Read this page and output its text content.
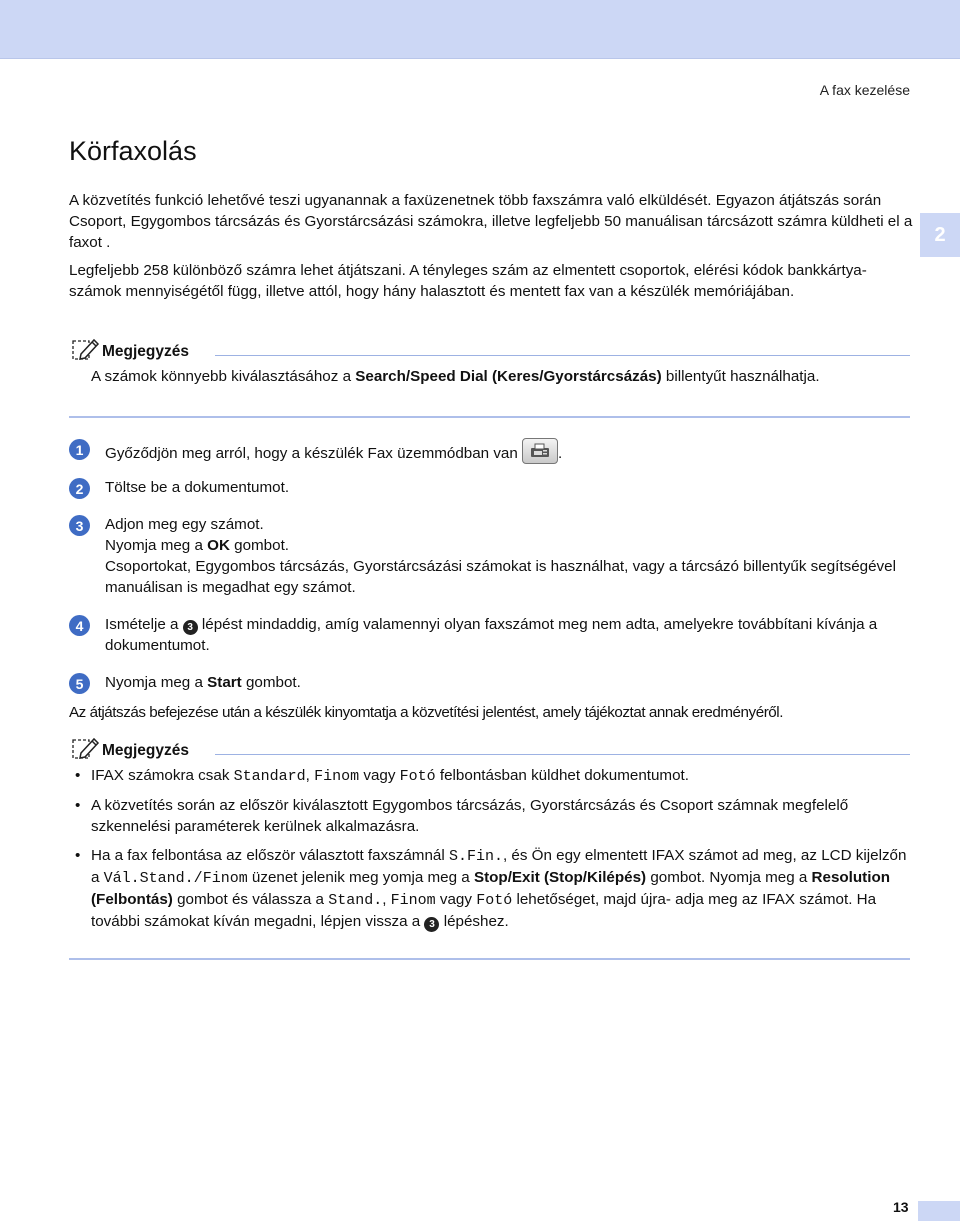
A fax kezelése
2
Körfaxolás

A közvetítés funkció lehetővé teszi ugyanannak a faxüzenetnek több faxszámra való elküldését. Egyazon átjátszás során Csoport, Egygombos tárcsázás és Gyorstárcsázási számokra, illetve legfeljebb 50 manuálisan tárcsázott számra küldheti el a faxot .

Legfeljebb 258 különböző számra lehet átjátszani. A tényleges szám az elmentett csoportok, elérési kódok bankkártya-számok mennyiségétől függ, illetve attól, hogy hány halasztott és mentett fax van a készülék memóriájában.

Megjegyzés

A számok könnyebb kiválasztásához a Search/Speed Dial (Keres/Gyorstárcsázás) billentyűt használhatja.

1	Győződjön meg arról, hogy a készülék Fax üzemmódban van
.
2	Töltse be a dokumentumot.
3	Adjon meg egy számot.
Nyomja meg a OK gombot.
Csoportokat, Egygombos tárcsázás, Gyorstárcsázási számokat is használhat, vagy a tárcsázó billentyűk segítségével manuálisan is megadhat egy számot.
4	Ismételje a 3 lépést mindaddig, amíg valamennyi olyan faxszámot meg nem adta, amelyekre továbbítani kívánja a dokumentumot.
5	Nyomja meg a Start gombot.

Az átjátszás befejezése után a készülék kinyomtatja a közvetítési jelentést, amely tájékoztat annak eredményéről.

Megjegyzés
• IFAX számokra csak Standard, Finom vagy Fotó felbontásban küldhet dokumentumot.
• A közvetítés során az először kiválasztott Egygombos tárcsázás, Gyorstárcsázás és Csoport számnak megfelelő szkennelési paraméterek kerülnek alkalmazásra.
• Ha a fax felbontása az először választott faxszámnál S.Fin., és Ön egy elmentett IFAX számot ad meg, az LCD kijelzőn a Vál.Stand./Finom üzenet jelenik meg yomja meg a Stop/Exit (Stop/Kilépés) gombot. Nyomja meg a Resolution (Felbontás) gombot és válassza a Stand., Finom vagy Fotó lehetőséget, majd újra- adja meg az IFAX számot. Ha további számokat kíván megadni, lépjen vissza a 3 lépéshez.
13
